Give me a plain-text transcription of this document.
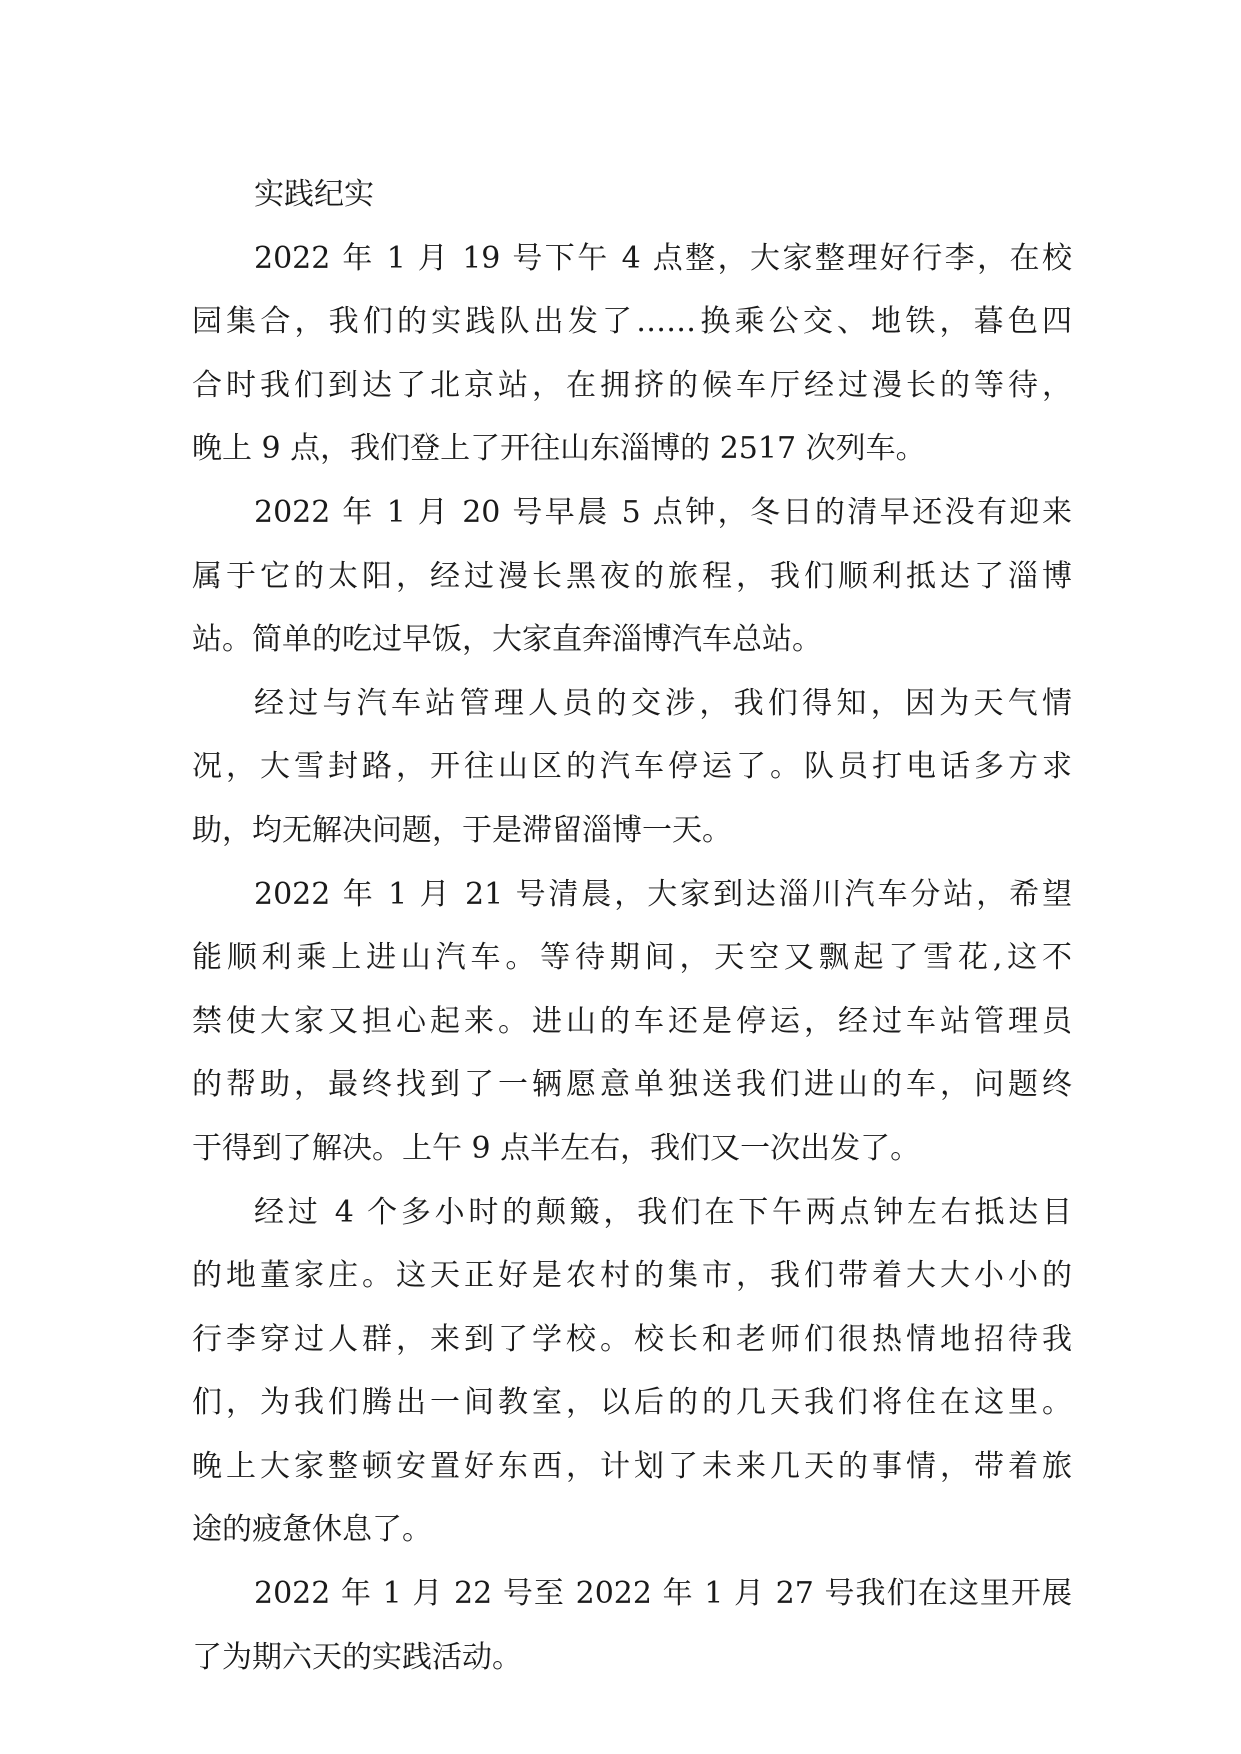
实践纪实
2022 年 1 月 19 号下午 4 点整，大家整理好行李，在校
园集合，我们的实践队出发了……换乘公交、地铁，暮色四
合时我们到达了北京站，在拥挤的候车厅经过漫长的等待，
晚上 9 点，我们登上了开往山东淄博的 2517 次列车。
2022 年 1 月 20 号早晨 5 点钟，冬日的清早还没有迎来
属于它的太阳，经过漫长黑夜的旅程，我们顺利抵达了淄博
站。简单的吃过早饭，大家直奔淄博汽车总站。
经过与汽车站管理人员的交涉，我们得知，因为天气情
况，大雪封路，开往山区的汽车停运了。队员打电话多方求
助，均无解决问题，于是滞留淄博一天。
2022 年 1 月 21 号清晨，大家到达淄川汽车分站，希望
能顺利乘上进山汽车。等待期间，天空又飘起了雪花,这不
禁使大家又担心起来。进山的车还是停运，经过车站管理员
的帮助，最终找到了一辆愿意单独送我们进山的车，问题终
于得到了解决。上午 9 点半左右，我们又一次出发了。
经过 4 个多小时的颠簸，我们在下午两点钟左右抵达目
的地董家庄。这天正好是农村的集市，我们带着大大小小的
行李穿过人群，来到了学校。校长和老师们很热情地招待我
们，为我们腾出一间教室，以后的的几天我们将住在这里。
晚上大家整顿安置好东西，计划了未来几天的事情，带着旅
途的疲惫休息了。
2022 年 1 月 22 号至 2022 年 1 月 27 号我们在这里开展
了为期六天的实践活动。
